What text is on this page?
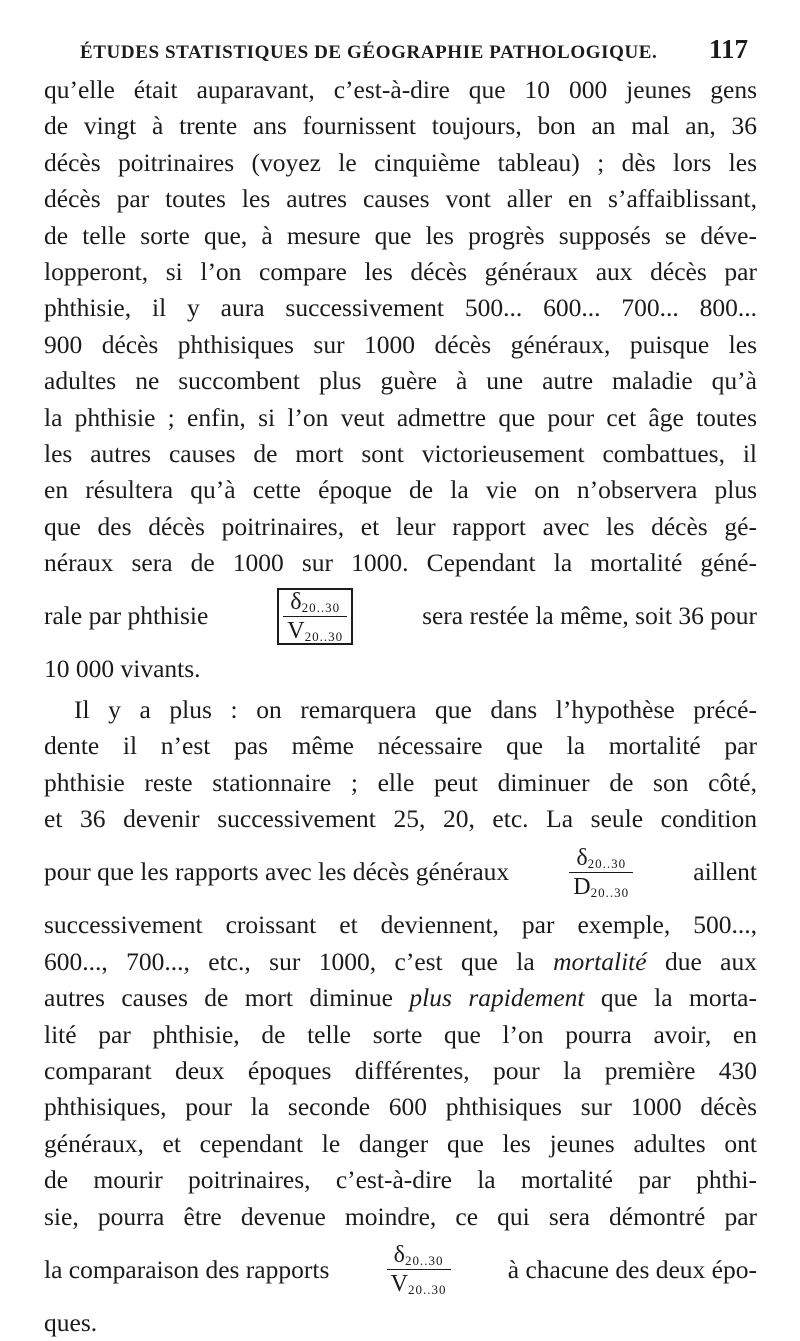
ÉTUDES STATISTIQUES DE GÉOGRAPHIE PATHOLOGIQUE. 117
qu’elle était auparavant, c’est-à-dire que 10 000 jeunes gens
de vingt à trente ans fournissent toujours, bon an mal an, 36
décès poitrinaires (voyez le cinquième tableau) ; dès lors les
décès par toutes les autres causes vont aller en s’affaiblissant,
de telle sorte que, à mesure que les progrès supposés se déve-
lopperont, si l’on compare les décès généraux aux décès par
phthisie, il y aura successivement 500... 600... 700... 800...
900 décès phthisiques sur 1000 décès généraux, puisque les
adultes ne succombent plus guère à une autre maladie qu’à
la phthisie ; enfin, si l’on veut admettre que pour cet âge toutes
les autres causes de mort sont victorieusement combattues, il
en résultera qu’à cette époque de la vie on n’observera plus
que des décès poitrinaires, et leur rapport avec les décès gé-
néraux sera de 1000 sur 1000. Cependant la mortalité géné-
rale par phthisie	$\frac{\delta_{20..30}}{V_{20..30}}$	sera restée la même, soit 36 pour
10 000 vivants.
Il y a plus : on remarquera que dans l’hypothèse précé-
dente il n’est pas même nécessaire que la mortalité par
phthisie reste stationnaire ; elle peut diminuer de son côté,
et 36 devenir successivement 25, 20, etc. La seule condition
pour que les rapports avec les décès généraux	$\frac{\delta_{20..30}}{D_{20..30}}$ aillent
successivement croissant et deviennent, par exemple, 500...,
600..., 700..., etc., sur 1000, c’est que la mortalité due aux
autres causes de mort diminue plus rapidement que la morta-
lité par phthisie, de telle sorte que l’on pourra avoir, en
comparant deux époques différentes, pour la première 430
phthisiques, pour la seconde 600 phthisiques sur 1000 décès
généraux, et cependant le danger que les jeunes adultes ont
de mourir poitrinaires, c’est-à-dire la mortalité par phthi-
sie, pourra être devenue moindre, ce qui sera démontré par
la comparaison des rapports $\frac{\delta_{20..30}}{V_{20..30}}$ à chacune des deux épo-
ques.
